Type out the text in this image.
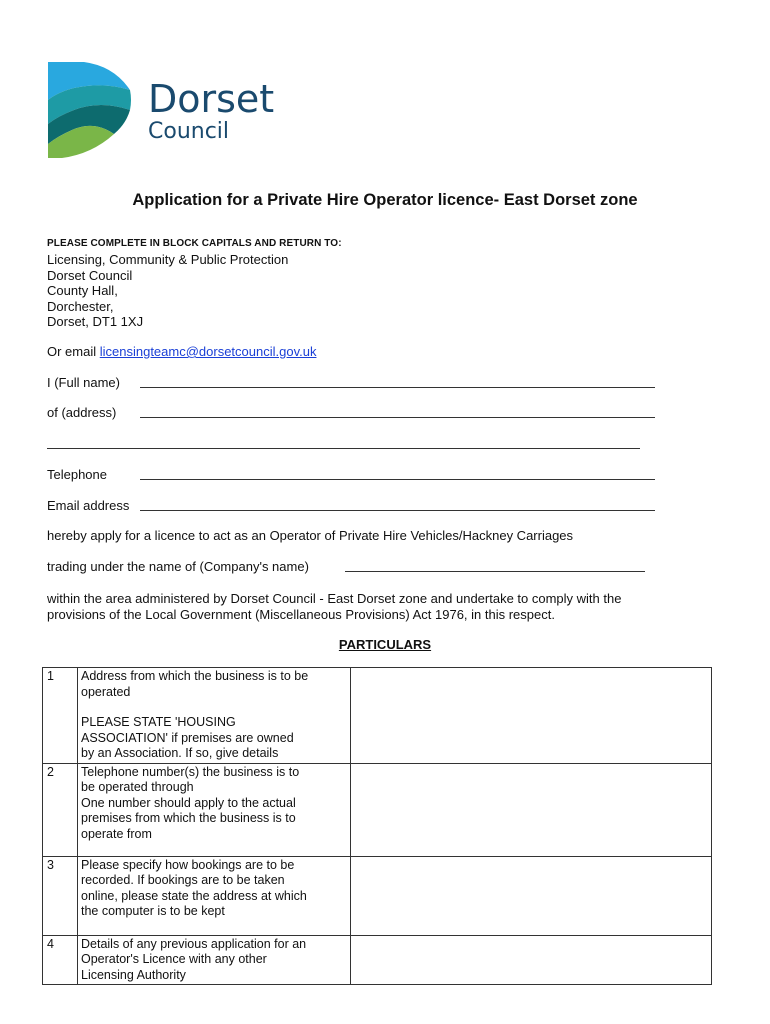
Dorset
Council
Application for a Private Hire Operator licence- East Dorset zone
PLEASE COMPLETE IN BLOCK CAPITALS AND RETURN TO:
Licensing, Community & Public Protection
Dorset Council
County Hall,
Dorchester,
Dorset, DT1 1XJ
Or email licensingteamc@dorsetcouncil.gov.uk
I (Full name)
of (address)
Telephone
Email address
hereby apply for a licence to act as an Operator of Private Hire Vehicles/Hackney Carriages
trading under the name of (Company's name)
within the area administered by Dorset Council - East Dorset zone and undertake to comply with the
provisions of the Local Government (Miscellaneous Provisions) Act 1976, in this respect.
PARTICULARS
1	Address from which the business is to be
operated
PLEASE STATE 'HOUSING
ASSOCIATION' if premises are owned
by an Association. If so, give details	

2	Telephone number(s) the business is to
be operated through
One number should apply to the actual
premises from which the business is to
operate from	

3	Please specify how bookings are to be
recorded. If bookings are to be taken
online, please state the address at which
the computer is to be kept	

4	Details of any previous application for an
Operator's Licence with any other
Licensing Authority	
